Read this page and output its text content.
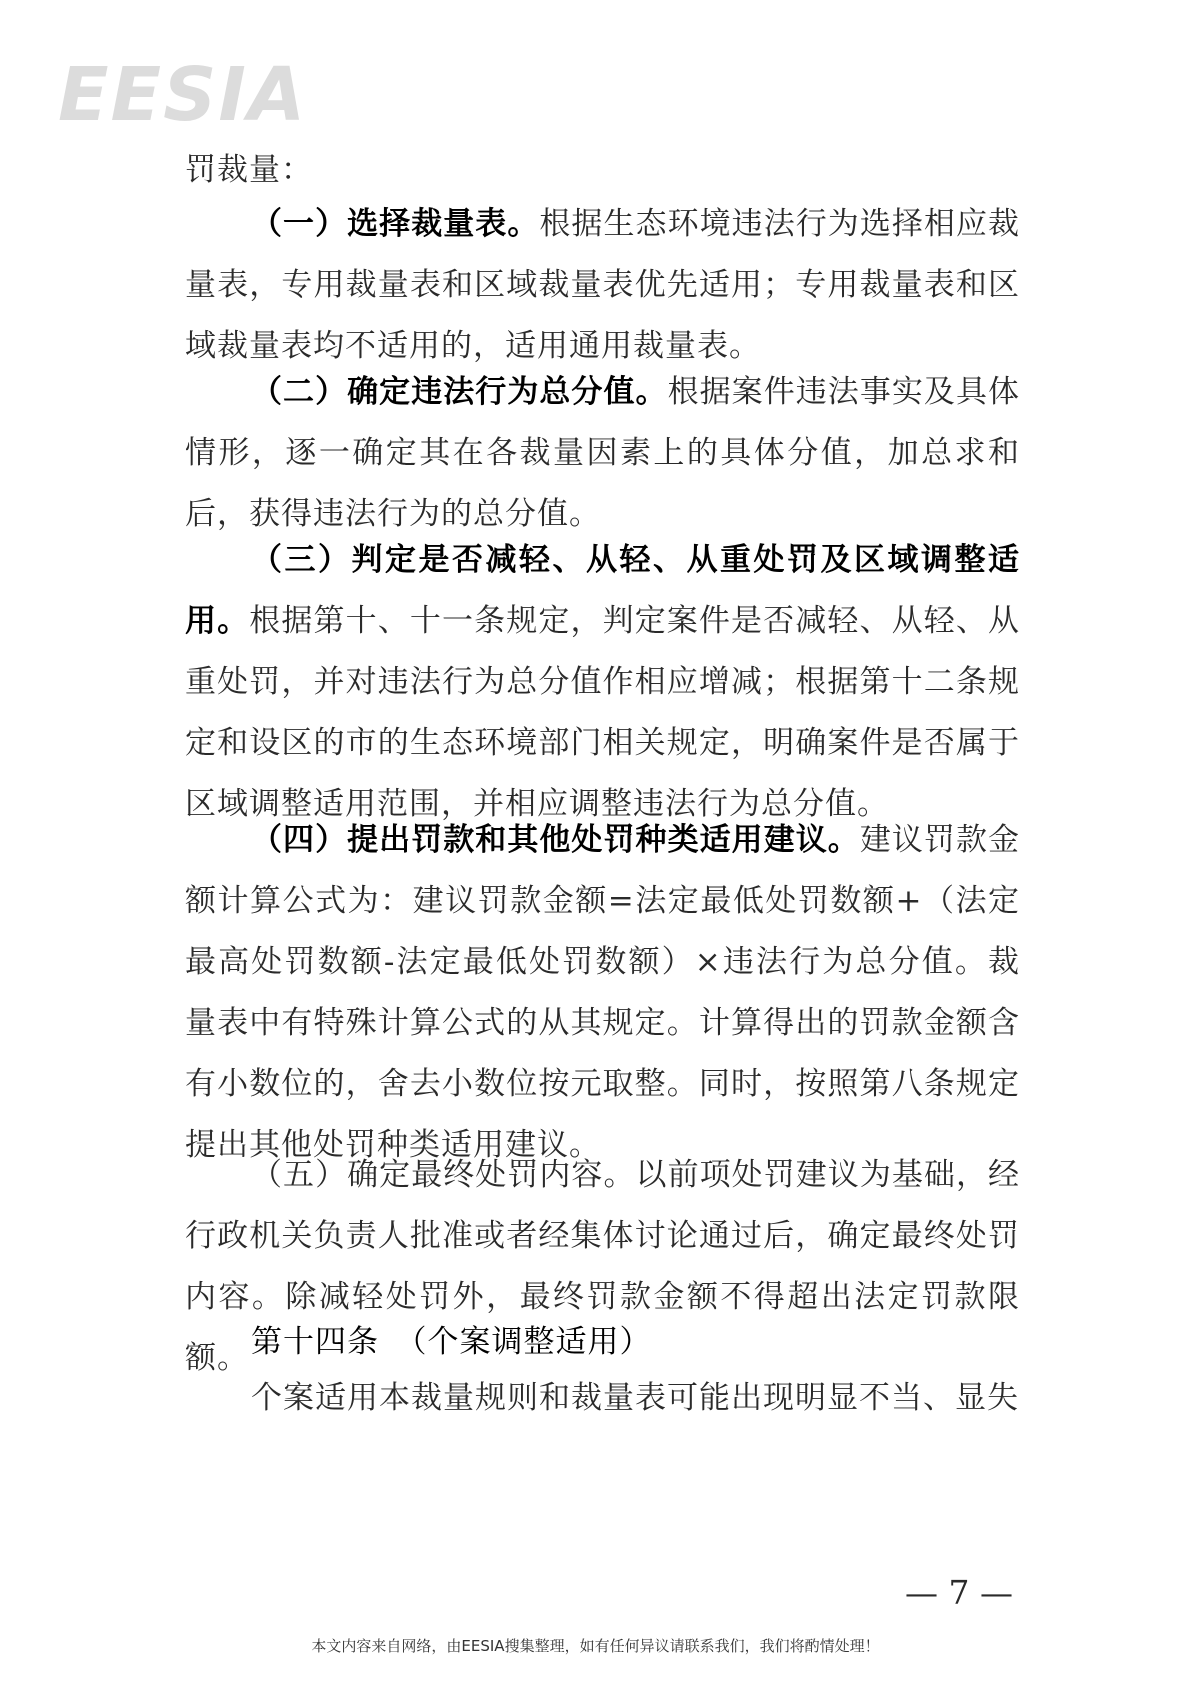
EESIA
罚裁量：
（一）选择裁量表。根据生态环境违法行为选择相应裁量表，专用裁量表和区域裁量表优先适用；专用裁量表和区域裁量表均不适用的，适用通用裁量表。
（二）确定违法行为总分值。根据案件违法事实及具体情形，逐一确定其在各裁量因素上的具体分值，加总求和后，获得违法行为的总分值。
（三）判定是否减轻、从轻、从重处罚及区域调整适用。根据第十、十一条规定，判定案件是否减轻、从轻、从重处罚，并对违法行为总分值作相应增减；根据第十二条规定和设区的市的生态环境部门相关规定，明确案件是否属于区域调整适用范围，并相应调整违法行为总分值。
（四）提出罚款和其他处罚种类适用建议。建议罚款金额计算公式为：建议罚款金额=法定最低处罚数额+（法定最高处罚数额-法定最低处罚数额）×违法行为总分值。裁量表中有特殊计算公式的从其规定。计算得出的罚款金额含有小数位的，舍去小数位按元取整。同时，按照第八条规定提出其他处罚种类适用建议。
（五）确定最终处罚内容。以前项处罚建议为基础，经行政机关负责人批准或者经集体讨论通过后，确定最终处罚内容。除减轻处罚外，最终罚款金额不得超出法定罚款限额。 第十四条　（个案调整适用）
个案适用本裁量规则和裁量表可能出现明显不当、显失
— 7 —
本文内容来自网络，由EESIA搜集整理，如有任何异议请联系我们，我们将酌情处理！
